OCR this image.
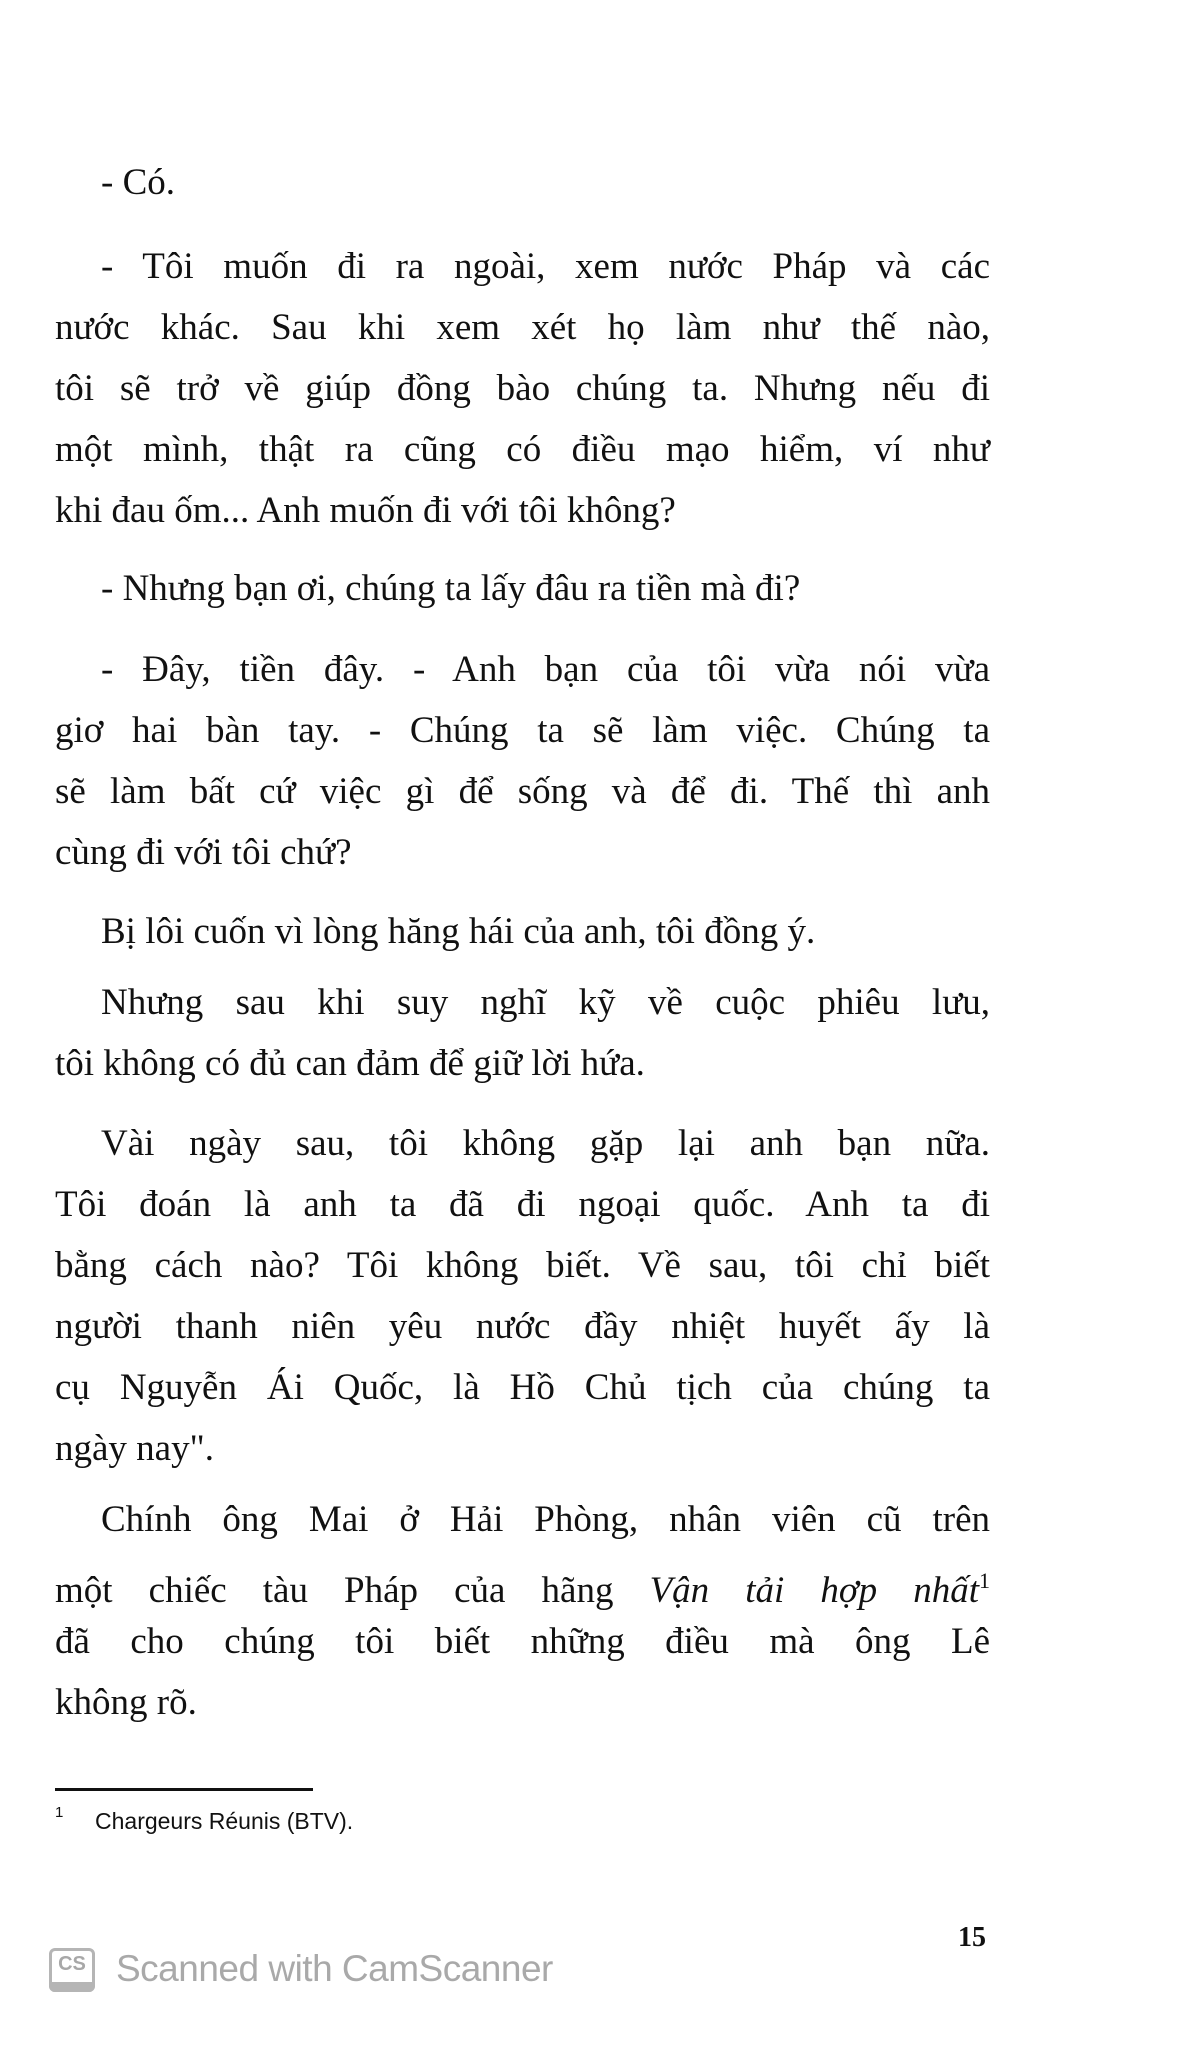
- Có.
- Tôi muốn đi ra ngoài, xem nước Pháp và các
nước khác. Sau khi xem xét họ làm như thế nào,
tôi sẽ trở về giúp đồng bào chúng ta. Nhưng nếu đi
một mình, thật ra cũng có điều mạo hiểm, ví như
khi đau ốm... Anh muốn đi với tôi không?
- Nhưng bạn ơi, chúng ta lấy đâu ra tiền mà đi?
- Đây, tiền đây. - Anh bạn của tôi vừa nói vừa
giơ hai bàn tay. - Chúng ta sẽ làm việc. Chúng ta
sẽ làm bất cứ việc gì để sống và để đi. Thế thì anh
cùng đi với tôi chứ?
Bị lôi cuốn vì lòng hăng hái của anh, tôi đồng ý.
Nhưng sau khi suy nghĩ kỹ về cuộc phiêu lưu,
tôi không có đủ can đảm để giữ lời hứa.
Vài ngày sau, tôi không gặp lại anh bạn nữa.
Tôi đoán là anh ta đã đi ngoại quốc. Anh ta đi
bằng cách nào? Tôi không biết. Về sau, tôi chỉ biết
người thanh niên yêu nước đầy nhiệt huyết ấy là
cụ Nguyễn Ái Quốc, là Hồ Chủ tịch của chúng ta
ngày nay".
Chính ông Mai ở Hải Phòng, nhân viên cũ trên
một chiếc tàu Pháp của hãng Vận tải hợp nhất$^1$
đã cho chúng tôi biết những điều mà ông Lê
không rõ.
1 Chargeurs Réunis (BTV).
15
CS Scanned with CamScanner
